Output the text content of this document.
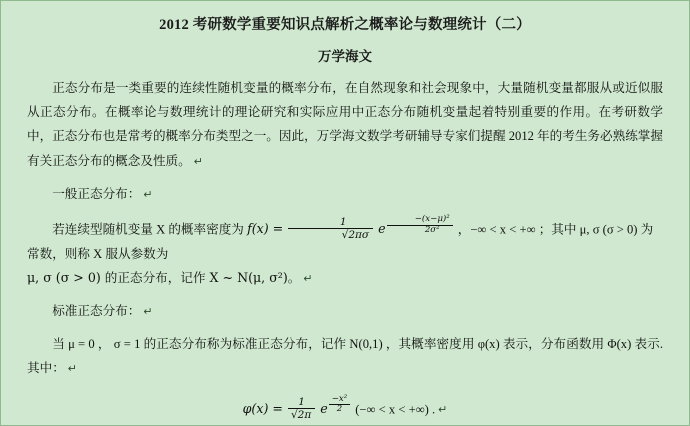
2012 考研数学重要知识点解析之概率论与数理统计（二）
万学海文

正态分布是一类重要的连续性随机变量的概率分布，在自然现象和社会现象中，大量随机变量都服从或近似服从正态分布。在概率论与数理统计的理论研究和实际应用中正态分布随机变量起着特别重要的作用。在考研数学中，正态分布也是常考的概率分布类型之一。因此，万学海文数学考研辅导专家们提醒 2012 年的考生务必熟练掌握有关正态分布的概念及性质。 ↵

一般正态分布： ↵

若连续型随机变量 X 的概率密度为 $f(x) = \frac{1}{√2\pi\sigma}$ e $^{\frac{\text{−(x−μ)²}}{\text{2σ²}}}$ ，−∞ < x < +∞ ；其中 μ, σ (σ > 0) 为常数，则称 X 服从参数为

μ, σ (σ > 0) 的正态分布，记作 X ~ N(μ, σ²)。 ↵

标准正态分布： ↵

当 μ = 0 ， σ = 1 的正态分布称为标准正态分布，记作 N(0,1) ，其概率密度用 φ(x) 表示，分布函数用 Φ(x) 表示. 其中： ↵

$\varphi(x) = \frac{1}{√2\pi}$ e $^{\frac{\text{−x²}}{2}}$ (−∞ < x < +∞) . ↵
